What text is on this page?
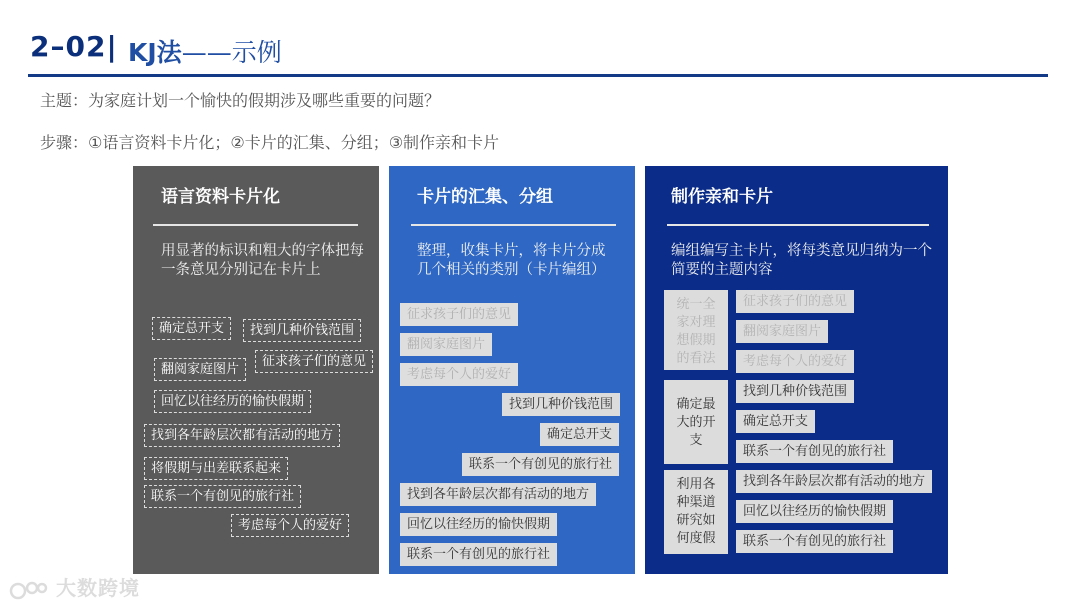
2–02| KJ法——示例
主题：为家庭计划一个愉快的假期涉及哪些重要的问题？
步骤：①语言资料卡片化；②卡片的汇集、分组；③制作亲和卡片
语言资料卡片化
用显著的标识和粗大的字体把每一条意见分别记在卡片上
确定总开支	找到几种价钱范围
翻阅家庭图片
征求孩子们的意见
回忆以往经历的愉快假期
找到各年龄层次都有活动的地方
将假期与出差联系起来
联系一个有创见的旅行社
考虑每个人的爱好
卡片的汇集、分组
整理，收集卡片，将卡片分成几个相关的类别（卡片编组）
征求孩子们的意见
翻阅家庭图片
考虑每个人的爱好
找到几种价钱范围
确定总开支
联系一个有创见的旅行社
找到各年龄层次都有活动的地方
回忆以往经历的愉快假期
联系一个有创见的旅行社
制作亲和卡片
编组编写主卡片，将每类意见归纳为一个简要的主题内容
统一全家对理想假期的看法
征求孩子们的意见
翻阅家庭图片
考虑每个人的爱好
确定最大的开支
找到几种价钱范围
确定总开支
联系一个有创见的旅行社
利用各种渠道研究如何度假
找到各年龄层次都有活动的地方
回忆以往经历的愉快假期
联系一个有创见的旅行社
大数跨境
